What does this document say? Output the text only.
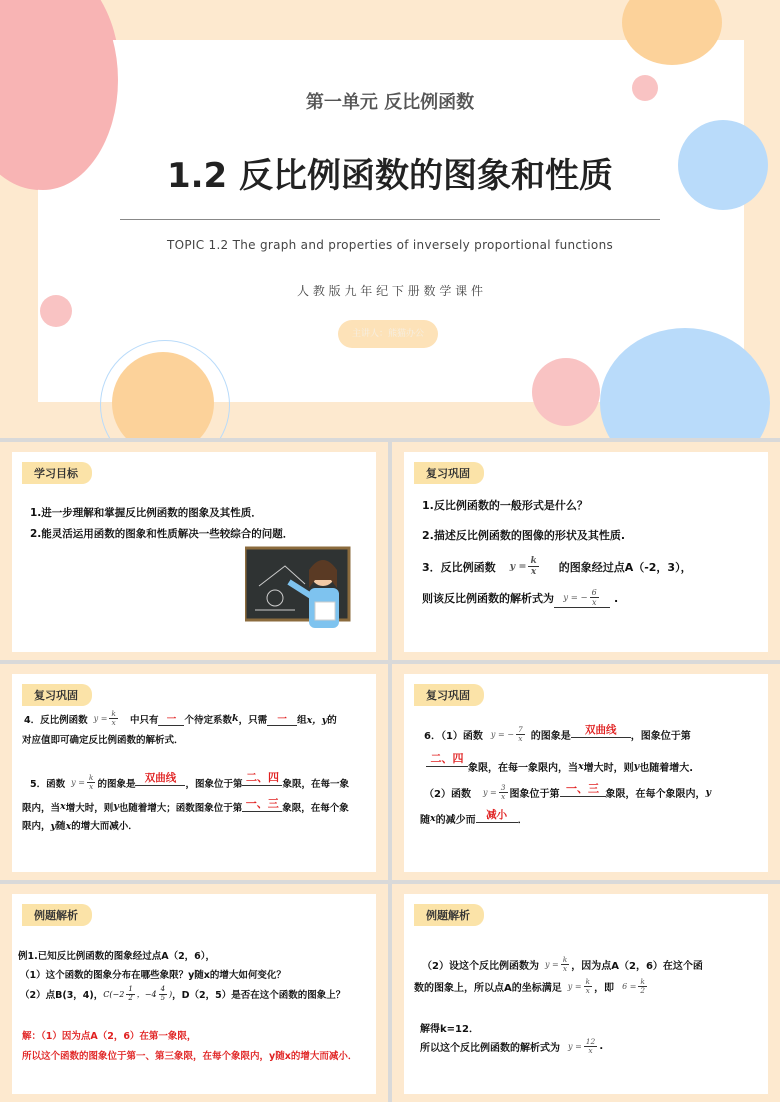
第一单元 反比例函数
1.2 反比例函数的图象和性质
TOPIC 1.2 The graph and properties of inversely proportional functions
人 教 版 九 年 纪 下 册 数 学 课 件
主讲人：熊猫办公
学习目标
1.进一步理解和掌握反比例函数的图象及其性质．
2.能灵活运用函数的图象和性质解决一些较综合的问题．
复习巩固
1.反比例函数的一般形式是什么？
2.描述反比例函数的图像的形状及其性质.
3．反比例函数 $y = \frac{k}{x}$ 的图象经过点A（-2，3），
则该反比例函数的解析式为 y = − $\frac{6}{x}$ .
复习巩固
4．反比例函数 $y = \frac{k}{x}$ 中只有 一 个待定系数 k ，只需	一	组 x，y 的
对应值即可确定反比例函数的解析式．
5．函数 $y = \frac{k}{x}$ 的图象是
双曲线
，图象位于第 二、四 象限，在每一象
限内，当 x 增大时，则 y 也随着增大；函数图象位于第 一、三 象限，在每个象
限内，y随x的增大而减小．
复习巩固
6．（1）函数 y = − $\frac{7}{x}$ 的图象是
双曲线
，图象位于第
二、四
象限，在每一象限内，当 x 增大时，则 y 也随着增大.
（2）函数 $y = \frac{3}{x}$ 图象位于第 一、三 象限，在每个象限内， y
随 x 的减少而	减小	．
例题解析
例1.已知反比例函数的图象经过点A（2，6），
（1）这个函数的图象分布在哪些象限？y随x的增大如何变化？
（2）点B(3，4)， $C(-2 \frac{1}{2}$ ，$-4 \frac{4}{5}$ ) ，D（2，5）是否在这个函数的图象上？
解：（1）因为点A（2，6）在第一象限，
所以这个函数的图象位于第一、第三象限，在每个象限内，y随x的增大而减小．
例题解析
（2）设这个反比例函数为 $y = \frac{k}{x}$ ，因为点A（2，6）在这个函
数的图象上，所以点A的坐标满足 $y = \frac{k}{x}$ ，即 $6 = \frac{k}{2}$
解得k=12．
所以这个反比例函数的解析式为 $y = \frac{12}{x}$ .
